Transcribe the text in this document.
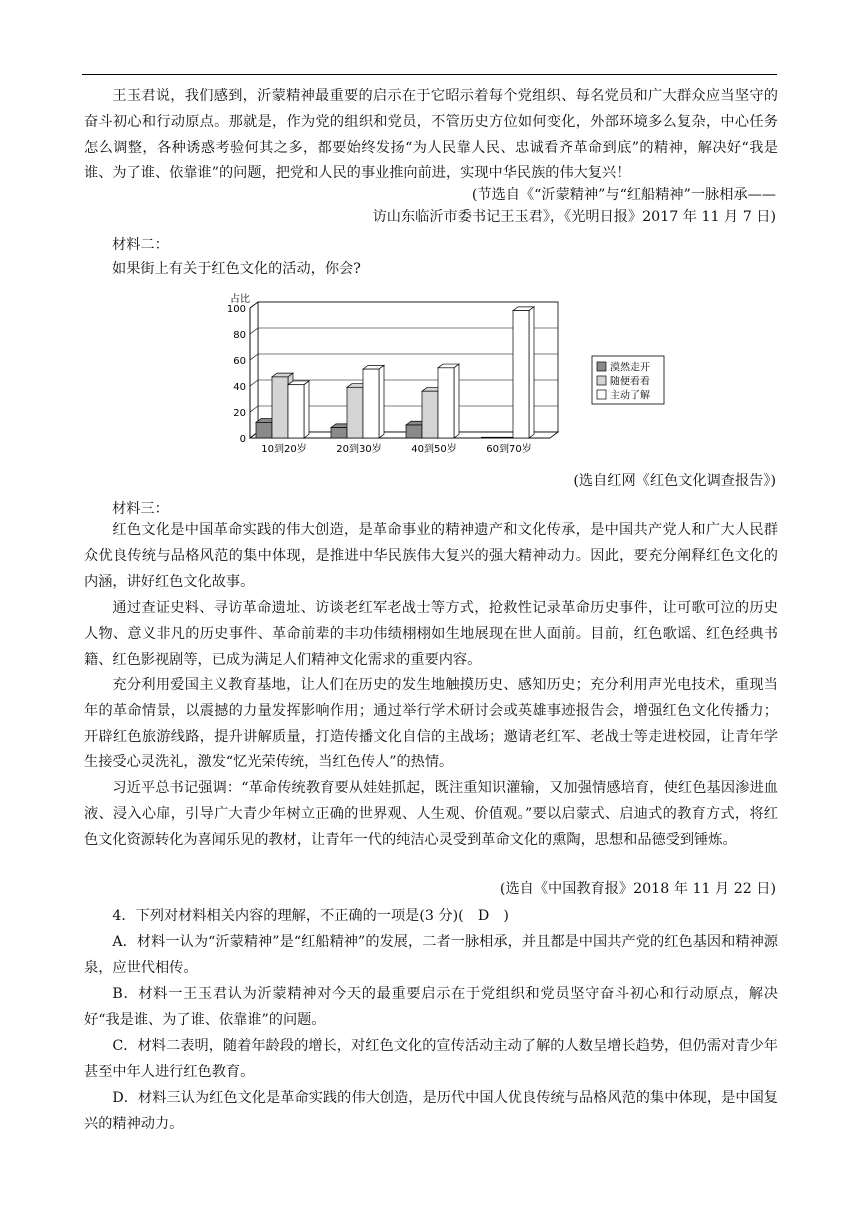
王玉君说，我们感到，沂蒙精神最重要的启示在于它昭示着每个党组织、每名党员和广大群众应当坚守的奋斗初心和行动原点。那就是，作为党的组织和党员，不管历史方位如何变化，外部环境多么复杂，中心任务怎么调整，各种诱惑考验何其之多，都要始终发扬“为人民靠人民、忠诚看齐革命到底”的精神，解决好“我是谁、为了谁、依靠谁”的问题，把党和人民的事业推向前进，实现中华民族的伟大复兴！

(节选自《“沂蒙精神”与“红船精神”一脉相承——

访山东临沂市委书记王玉君》，《光明日报》2017 年 11 月 7 日)

材料二：

如果街上有关于红色文化的活动，你会?

0
20
40
60
80
100
占比
10到20岁	20到30岁	40到50岁	60到70岁
漠然走开
随便看看
主动了解

(选自红网《红色文化调查报告》)

材料三：

红色文化是中国革命实践的伟大创造，是革命事业的精神遗产和文化传承，是中国共产党人和广大人民群众优良传统与品格风范的集中体现，是推进中华民族伟大复兴的强大精神动力。因此，要充分阐释红色文化的内涵，讲好红色文化故事。

通过查证史料、寻访革命遗址、访谈老红军老战士等方式，抢救性记录革命历史事件，让可歌可泣的历史人物、意义非凡的历史事件、革命前辈的丰功伟绩栩栩如生地展现在世人面前。目前，红色歌谣、红色经典书籍、红色影视剧等，已成为满足人们精神文化需求的重要内容。

充分利用爱国主义教育基地，让人们在历史的发生地触摸历史、感知历史；充分利用声光电技术，重现当年的革命情景，以震撼的力量发挥影响作用；通过举行学术研讨会或英雄事迹报告会，增强红色文化传播力；开辟红色旅游线路，提升讲解质量，打造传播文化自信的主战场；邀请老红军、老战士等走进校园，让青年学生接受心灵洗礼，激发“忆光荣传统，当红色传人”的热情。

习近平总书记强调：“革命传统教育要从娃娃抓起，既注重知识灌输，又加强情感培育，使红色基因渗进血液、浸入心扉，引导广大青少年树立正确的世界观、人生观、价值观。”要以启蒙式、启迪式的教育方式，将红色文化资源转化为喜闻乐见的教材，让青年一代的纯洁心灵受到革命文化的熏陶，思想和品德受到锤炼。

(选自《中国教育报》2018 年 11 月 22 日)

4．下列对材料相关内容的理解，不正确的一项是(3 分)(　D　)

A．材料一认为“沂蒙精神”是“红船精神”的发展，二者一脉相承，并且都是中国共产党的红色基因和精神源泉，应世代相传。

B．材料一王玉君认为沂蒙精神对今天的最重要启示在于党组织和党员坚守奋斗初心和行动原点，解决好“我是谁、为了谁、依靠谁”的问题。

C．材料二表明，随着年龄段的增长，对红色文化的宣传活动主动了解的人数呈增长趋势，但仍需对青少年甚至中年人进行红色教育。

D．材料三认为红色文化是革命实践的伟大创造，是历代中国人优良传统与品格风范的集中体现，是中国复兴的精神动力。
